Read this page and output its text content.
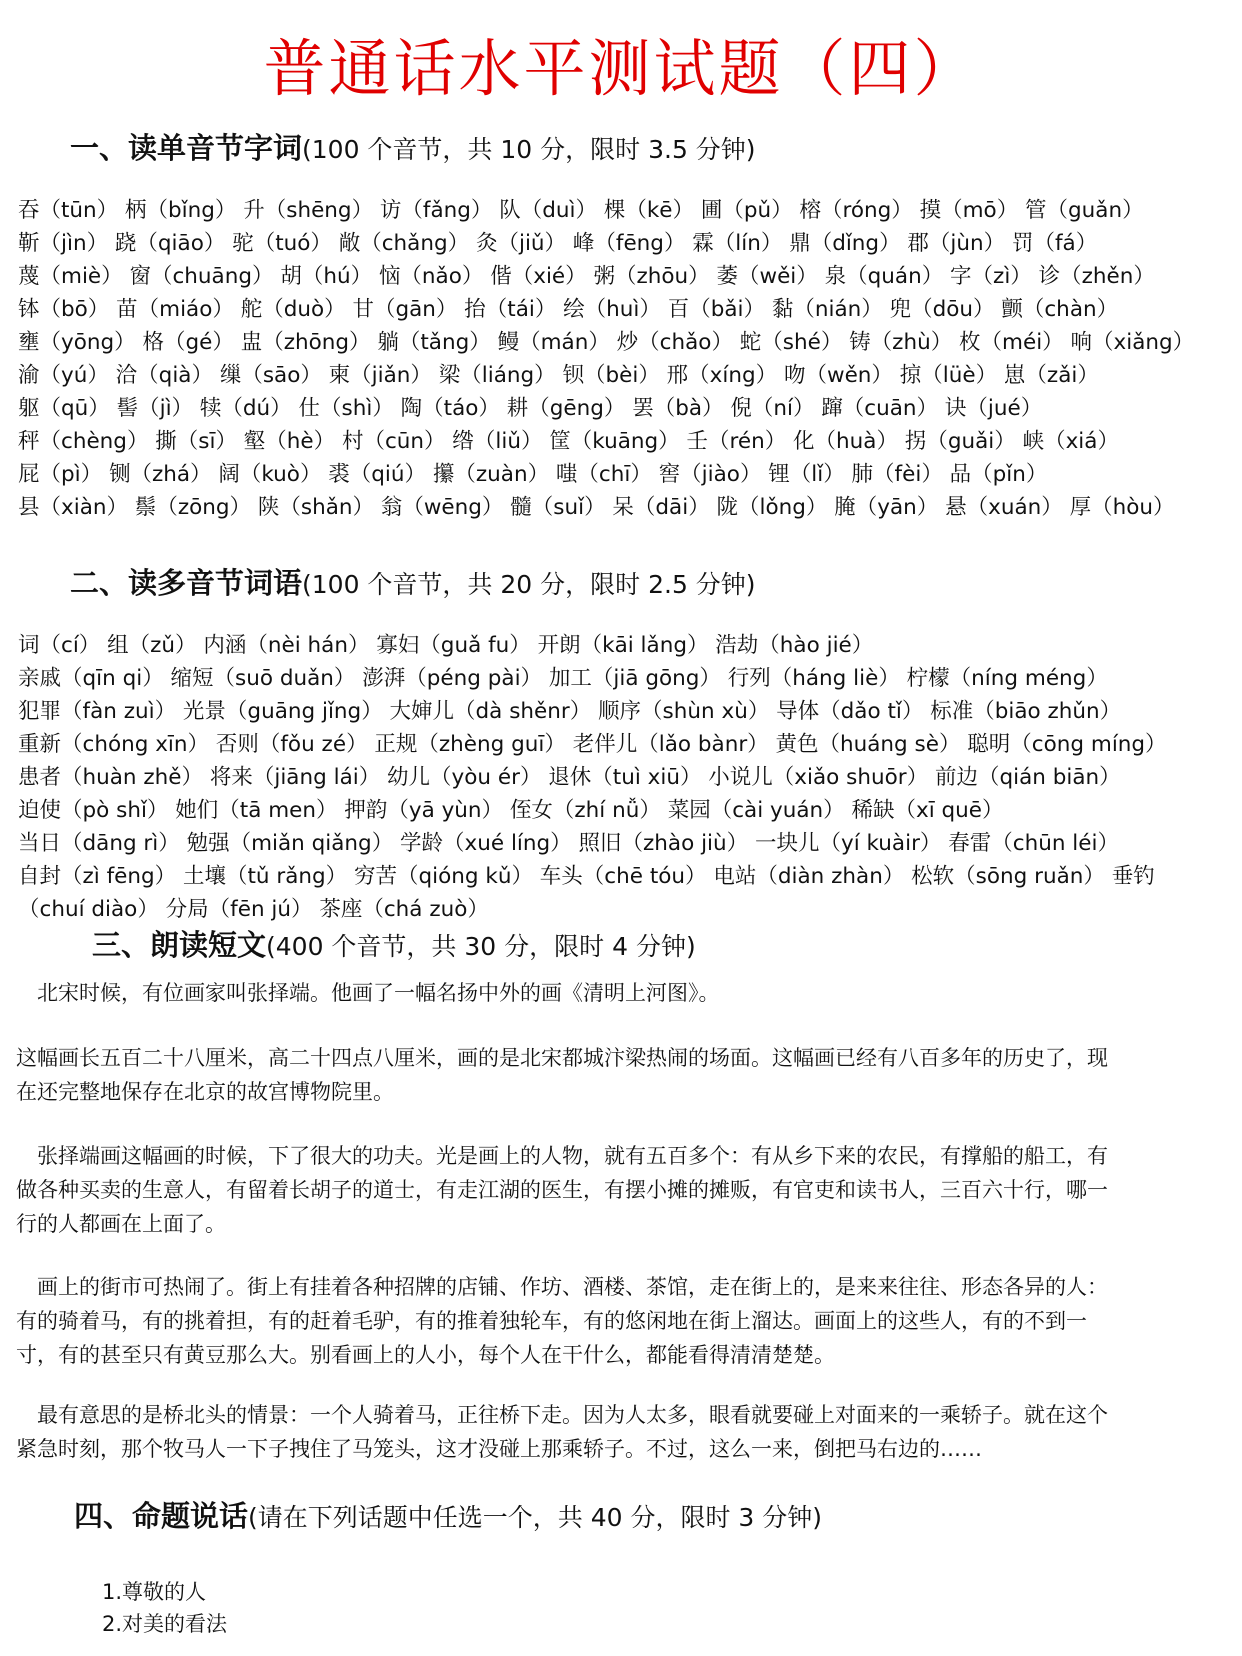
普通话水平测试题（四）
一、读单音节字词(100 个音节，共 10 分，限时 3.5 分钟)
吞（tūn） 柄（bǐng） 升（shēng） 访（fǎng） 队（duì） 棵（kē） 圃（pǔ） 榕（róng） 摸（mō） 管（guǎn）
靳（jìn） 跷（qiāo） 驼（tuó） 敞（chǎng） 灸（jiǔ） 峰（fēng） 霖（lín） 鼎（dǐng） 郡（jùn） 罚（fá）
蔑（miè） 窗（chuāng） 胡（hú） 恼（nǎo） 偕（xié） 粥（zhōu） 萎（wěi） 泉（quán） 字（zì） 诊（zhěn）
钵（bō） 苗（miáo） 舵（duò） 甘（gān） 抬（tái） 绘（huì） 百（bǎi） 黏（nián） 兜（dōu） 颤（chàn）
壅（yōng） 格（gé） 盅（zhōng） 躺（tǎng） 鳗（mán） 炒（chǎo） 蛇（shé） 铸（zhù） 枚（méi） 响（xiǎng）
渝（yú） 洽（qià） 缫（sāo） 柬（jiǎn） 梁（liáng） 钡（bèi） 邢（xíng） 吻（wěn） 掠（lüè） 崽（zǎi）
躯（qū） 髻（jì） 犊（dú） 仕（shì） 陶（táo） 耕（gēng） 罢（bà） 倪（ní） 蹿（cuān） 诀（jué）
秤（chèng） 撕（sī） 壑（hè） 村（cūn） 绺（liǔ） 筐（kuāng） 壬（rén） 化（huà） 拐（guǎi） 峡（xiá）
屁（pì） 铡（zhá） 阔（kuò） 裘（qiú） 攥（zuàn） 嗤（chī） 窖（jiào） 锂（lǐ） 肺（fèi） 品（pǐn）
县（xiàn） 鬃（zōng） 陕（shǎn） 翁（wēng） 髓（suǐ） 呆（dāi） 陇（lǒng） 腌（yān） 悬（xuán） 厚（hòu）
二、读多音节词语(100 个音节，共 20 分，限时 2.5 分钟)
词（cí） 组（zǔ） 内涵（nèi hán） 寡妇（guǎ fu） 开朗（kāi lǎng） 浩劫（hào jié）
亲戚（qīn qi） 缩短（suō duǎn） 澎湃（péng pài） 加工（jiā gōng） 行列（háng liè） 柠檬（níng méng）
犯罪（fàn zuì） 光景（guāng jǐng） 大婶儿（dà shěnr） 顺序（shùn xù） 导体（dǎo tǐ） 标准（biāo zhǔn）
重新（chóng xīn） 否则（fǒu zé） 正规（zhèng guī） 老伴儿（lǎo bànr） 黄色（huáng sè） 聪明（cōng míng）
患者（huàn zhě） 将来（jiāng lái） 幼儿（yòu ér） 退休（tuì xiū） 小说儿（xiǎo shuōr） 前边（qián biān）
迫使（pò shǐ） 她们（tā men） 押韵（yā yùn） 侄女（zhí nǚ） 菜园（cài yuán） 稀缺（xī quē）
当日（dāng rì） 勉强（miǎn qiǎng） 学龄（xué líng） 照旧（zhào jiù） 一块儿（yí kuàir） 春雷（chūn léi）
自封（zì fēng） 土壤（tǔ rǎng） 穷苦（qióng kǔ） 车头（chē tóu） 电站（diàn zhàn） 松软（sōng ruǎn） 垂钓
（chuí diào） 分局（fēn jú） 茶座（chá zuò）
三、朗读短文(400 个音节，共 30 分，限时 4 分钟)
　北宋时候，有位画家叫张择端。他画了一幅名扬中外的画《清明上河图》。
这幅画长五百二十八厘米，高二十四点八厘米，画的是北宋都城汴梁热闹的场面。这幅画已经有八百多年的历史了，现
在还完整地保存在北京的故宫博物院里。
　张择端画这幅画的时候，下了很大的功夫。光是画上的人物，就有五百多个：有从乡下来的农民，有撑船的船工，有
做各种买卖的生意人，有留着长胡子的道士，有走江湖的医生，有摆小摊的摊贩，有官吏和读书人，三百六十行，哪一
行的人都画在上面了。
　画上的街市可热闹了。街上有挂着各种招牌的店铺、作坊、酒楼、茶馆，走在街上的，是来来往往、形态各异的人：
有的骑着马，有的挑着担，有的赶着毛驴，有的推着独轮车，有的悠闲地在街上溜达。画面上的这些人，有的不到一
寸，有的甚至只有黄豆那么大。别看画上的人小，每个人在干什么，都能看得清清楚楚。
　最有意思的是桥北头的情景：一个人骑着马，正往桥下走。因为人太多，眼看就要碰上对面来的一乘轿子。就在这个
紧急时刻，那个牧马人一下子拽住了马笼头，这才没碰上那乘轿子。不过，这么一来，倒把马右边的……
四、命题说话(请在下列话题中任选一个，共 40 分，限时 3 分钟)
1.尊敬的人
2.对美的看法
